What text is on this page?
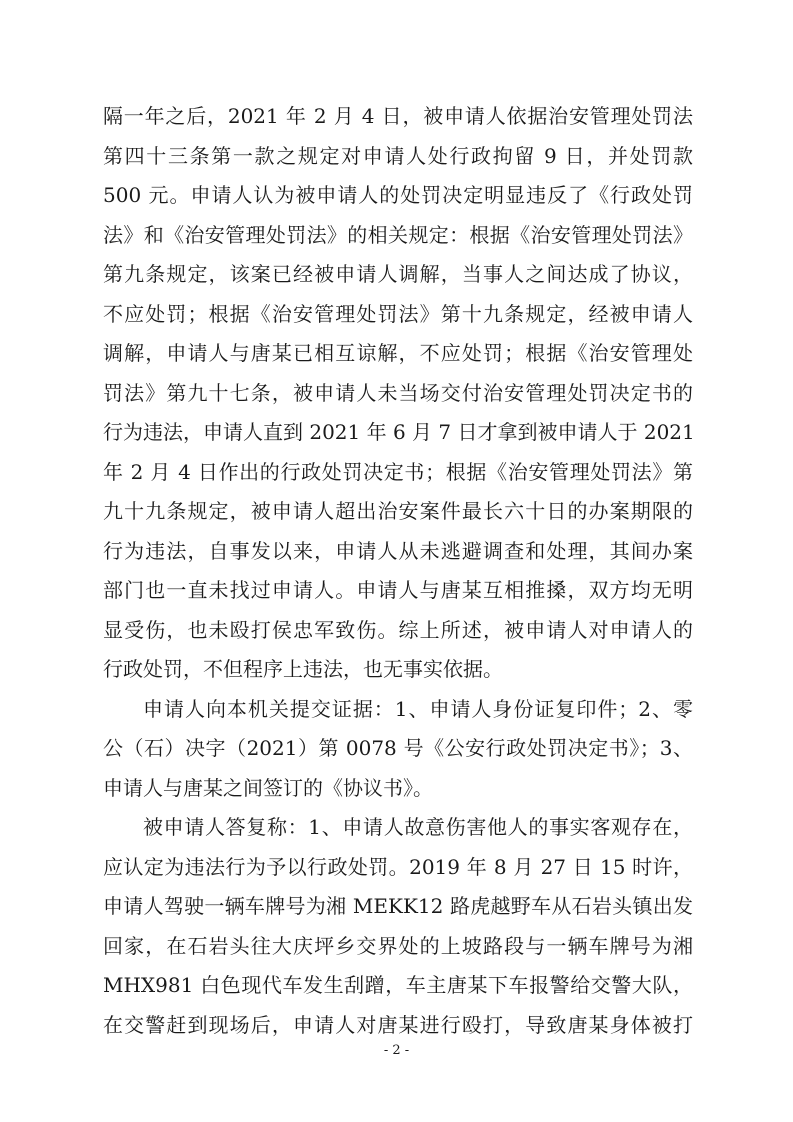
隔一年之后，2021 年 2 月 4 日，被申请人依据治安管理处罚法
第四十三条第一款之规定对申请人处行政拘留 9 日，并处罚款
500 元。申请人认为被申请人的处罚决定明显违反了《行政处罚
法》和《治安管理处罚法》的相关规定：根据《治安管理处罚法》
第九条规定，该案已经被申请人调解，当事人之间达成了协议，
不应处罚；根据《治安管理处罚法》第十九条规定，经被申请人
调解，申请人与唐某已相互谅解，不应处罚；根据《治安管理处
罚法》第九十七条，被申请人未当场交付治安管理处罚决定书的
行为违法，申请人直到 2021 年 6 月 7 日才拿到被申请人于 2021
年 2 月 4 日作出的行政处罚决定书；根据《治安管理处罚法》第
九十九条规定，被申请人超出治安案件最长六十日的办案期限的
行为违法，自事发以来，申请人从未逃避调查和处理，其间办案
部门也一直未找过申请人。申请人与唐某互相推搡，双方均无明
显受伤，也未殴打侯忠军致伤。综上所述，被申请人对申请人的
行政处罚，不但程序上违法，也无事实依据。
申请人向本机关提交证据：1、申请人身份证复印件；2、零
公（石）决字（2021）第 0078 号《公安行政处罚决定书》；3、
申请人与唐某之间签订的《协议书》。
被申请人答复称：1、申请人故意伤害他人的事实客观存在，
应认定为违法行为予以行政处罚。2019 年 8 月 27 日 15 时许，
申请人驾驶一辆车牌号为湘 MEKK12 路虎越野车从石岩头镇出发
回家，在石岩头往大庆坪乡交界处的上坡路段与一辆车牌号为湘
MHX981 白色现代车发生刮蹭，车主唐某下车报警给交警大队，
在交警赶到现场后，申请人对唐某进行殴打，导致唐某身体被打
- 2 -
